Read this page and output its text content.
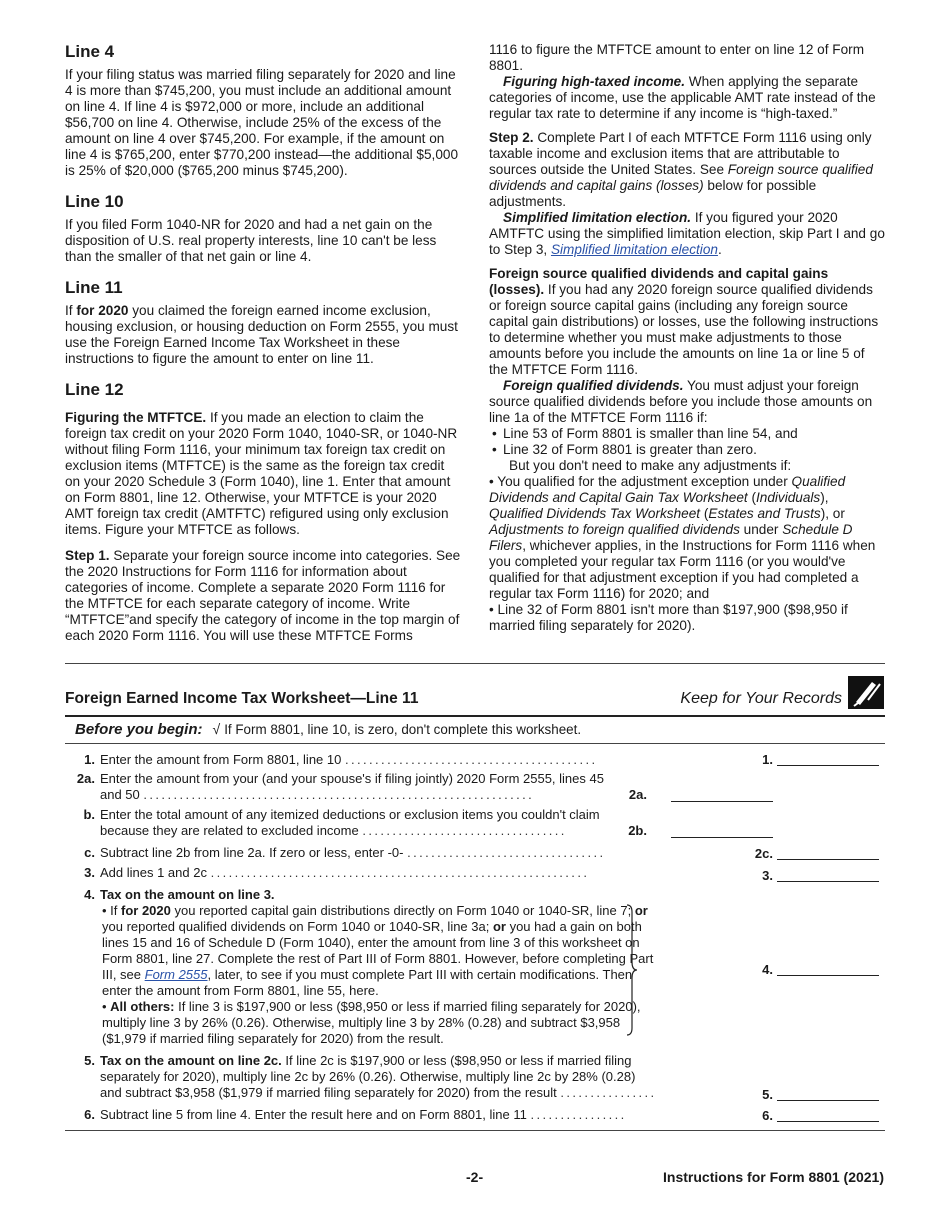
Line 4

If your filing status was married filing separately for 2020 and line 4 is more than $745,200, you must include an additional amount on line 4. If line 4 is $972,000 or more, include an additional $56,700 on line 4. Otherwise, include 25% of the excess of the amount on line 4 over $745,200. For example, if the amount on line 4 is $765,200, enter $770,200 instead—the additional $5,000 is 25% of $20,000 ($765,200 minus $745,200).

Line 10

If you filed Form 1040-NR for 2020 and had a net gain on the disposition of U.S. real property interests, line 10 can't be less than the smaller of that net gain or line 4.

Line 11

If for 2020 you claimed the foreign earned income exclusion, housing exclusion, or housing deduction on Form 2555, you must use the Foreign Earned Income Tax Worksheet in these instructions to figure the amount to enter on line 11.

Line 12

Figuring the MTFTCE. If you made an election to claim the foreign tax credit on your 2020 Form 1040, 1040-SR, or 1040-NR without filing Form 1116, your minimum tax foreign tax credit on exclusion items (MTFTCE) is the same as the foreign tax credit on your 2020 Schedule 3 (Form 1040), line 1. Enter that amount on Form 8801, line 12. Otherwise, your MTFTCE is your 2020 AMT foreign tax credit (AMTFTC) refigured using only exclusion items. Figure your MTFTCE as follows.

Step 1. Separate your foreign source income into categories. See the 2020 Instructions for Form 1116 for information about categories of income. Complete a separate 2020 Form 1116 for the MTFTCE for each separate category of income. Write “MTFTCE”and specify the category of income in the top margin of each 2020 Form 1116. You will use these MTFTCE Forms

1116 to figure the MTFTCE amount to enter on line 12 of Form 8801.

Figuring high-taxed income. When applying the separate categories of income, use the applicable AMT rate instead of the regular tax rate to determine if any income is “high-taxed.”

Step 2. Complete Part I of each MTFTCE Form 1116 using only taxable income and exclusion items that are attributable to sources outside the United States. See Foreign source qualified dividends and capital gains (losses) below for possible adjustments.

Simplified limitation election. If you figured your 2020 AMTFTC using the simplified limitation election, skip Part I and go to Step 3, Simplified limitation election.

Foreign source qualified dividends and capital gains (losses). If you had any 2020 foreign source qualified dividends or foreign source capital gains (including any foreign source capital gain distributions) or losses, use the following instructions to determine whether you must make adjustments to those amounts before you include the amounts on line 1a or line 5 of the MTFTCE Form 1116.

Foreign qualified dividends. You must adjust your foreign source qualified dividends before you include those amounts on line 1a of the MTFTCE Form 1116 if:

• Line 53 of Form 8801 is smaller than line 54, and

• Line 32 of Form 8801 is greater than zero.

But you don't need to make any adjustments if:

• You qualified for the adjustment exception under Qualified Dividends and Capital Gain Tax Worksheet (Individuals), Qualified Dividends Tax Worksheet (Estates and Trusts), or Adjustments to foreign qualified dividends under Schedule D Filers, whichever applies, in the Instructions for Form 1116 when you completed your regular tax Form 1116 (or you would've qualified for that adjustment exception if you had completed a regular tax Form 1116) for 2020; and

• Line 32 of Form 8801 isn't more than $197,900 ($98,950 if married filing separately for 2020).

Foreign Earned Income Tax Worksheet—Line 11	Keep for Your Records
Before you begin: √ If Form 8801, line 10, is zero, don't complete this worksheet.
1. Enter the amount from Form 8801, line 10 ..........................................	1.
2a. Enter the amount from your (and your spouse's if filing jointly) 2020 Form 2555, lines 45
and 50 .................................................................	2a.
b. Enter the total amount of any itemized deductions or exclusion items you couldn't claim
because they are related to excluded income ..................................	2b.
c. Subtract line 2b from line 2a. If zero or less, enter -0- .................................	2c.
3. Add lines 1 and 2c ...............................................................	3.
4. Tax on the amount on line 3.
• If for 2020 you reported capital gain distributions directly on Form 1040 or 1040-SR, line 7; or you reported qualified dividends on Form 1040 or 1040-SR, line 3a; or you had a gain on both lines 15 and 16 of Schedule D (Form 1040), enter the amount from line 3 of this worksheet on Form 8801, line 27. Complete the rest of Part III of Form 8801. However, before completing Part III, see Form 2555, later, to see if you must complete Part III with certain modifications. Then enter the amount from Form 8801, line 55, here.
• All others: If line 3 is $197,900 or less ($98,950 or less if married filing separately for 2020), multiply line 3 by 26% (0.26). Otherwise, multiply line 3 by 28% (0.28) and subtract $3,958 ($1,979 if married filing separately for 2020) from the result.
4.
5. Tax on the amount on line 2c. If line 2c is $197,900 or less ($98,950 or less if married filing separately for 2020), multiply line 2c by 26% (0.26). Otherwise, multiply line 2c by 28% (0.28) and subtract $3,958 ($1,979 if married filing separately for 2020) from the result ................	5.
6. Subtract line 5 from line 4. Enter the result here and on Form 8801, line 11 ................	6.
-2-	Instructions for Form 8801 (2021)
